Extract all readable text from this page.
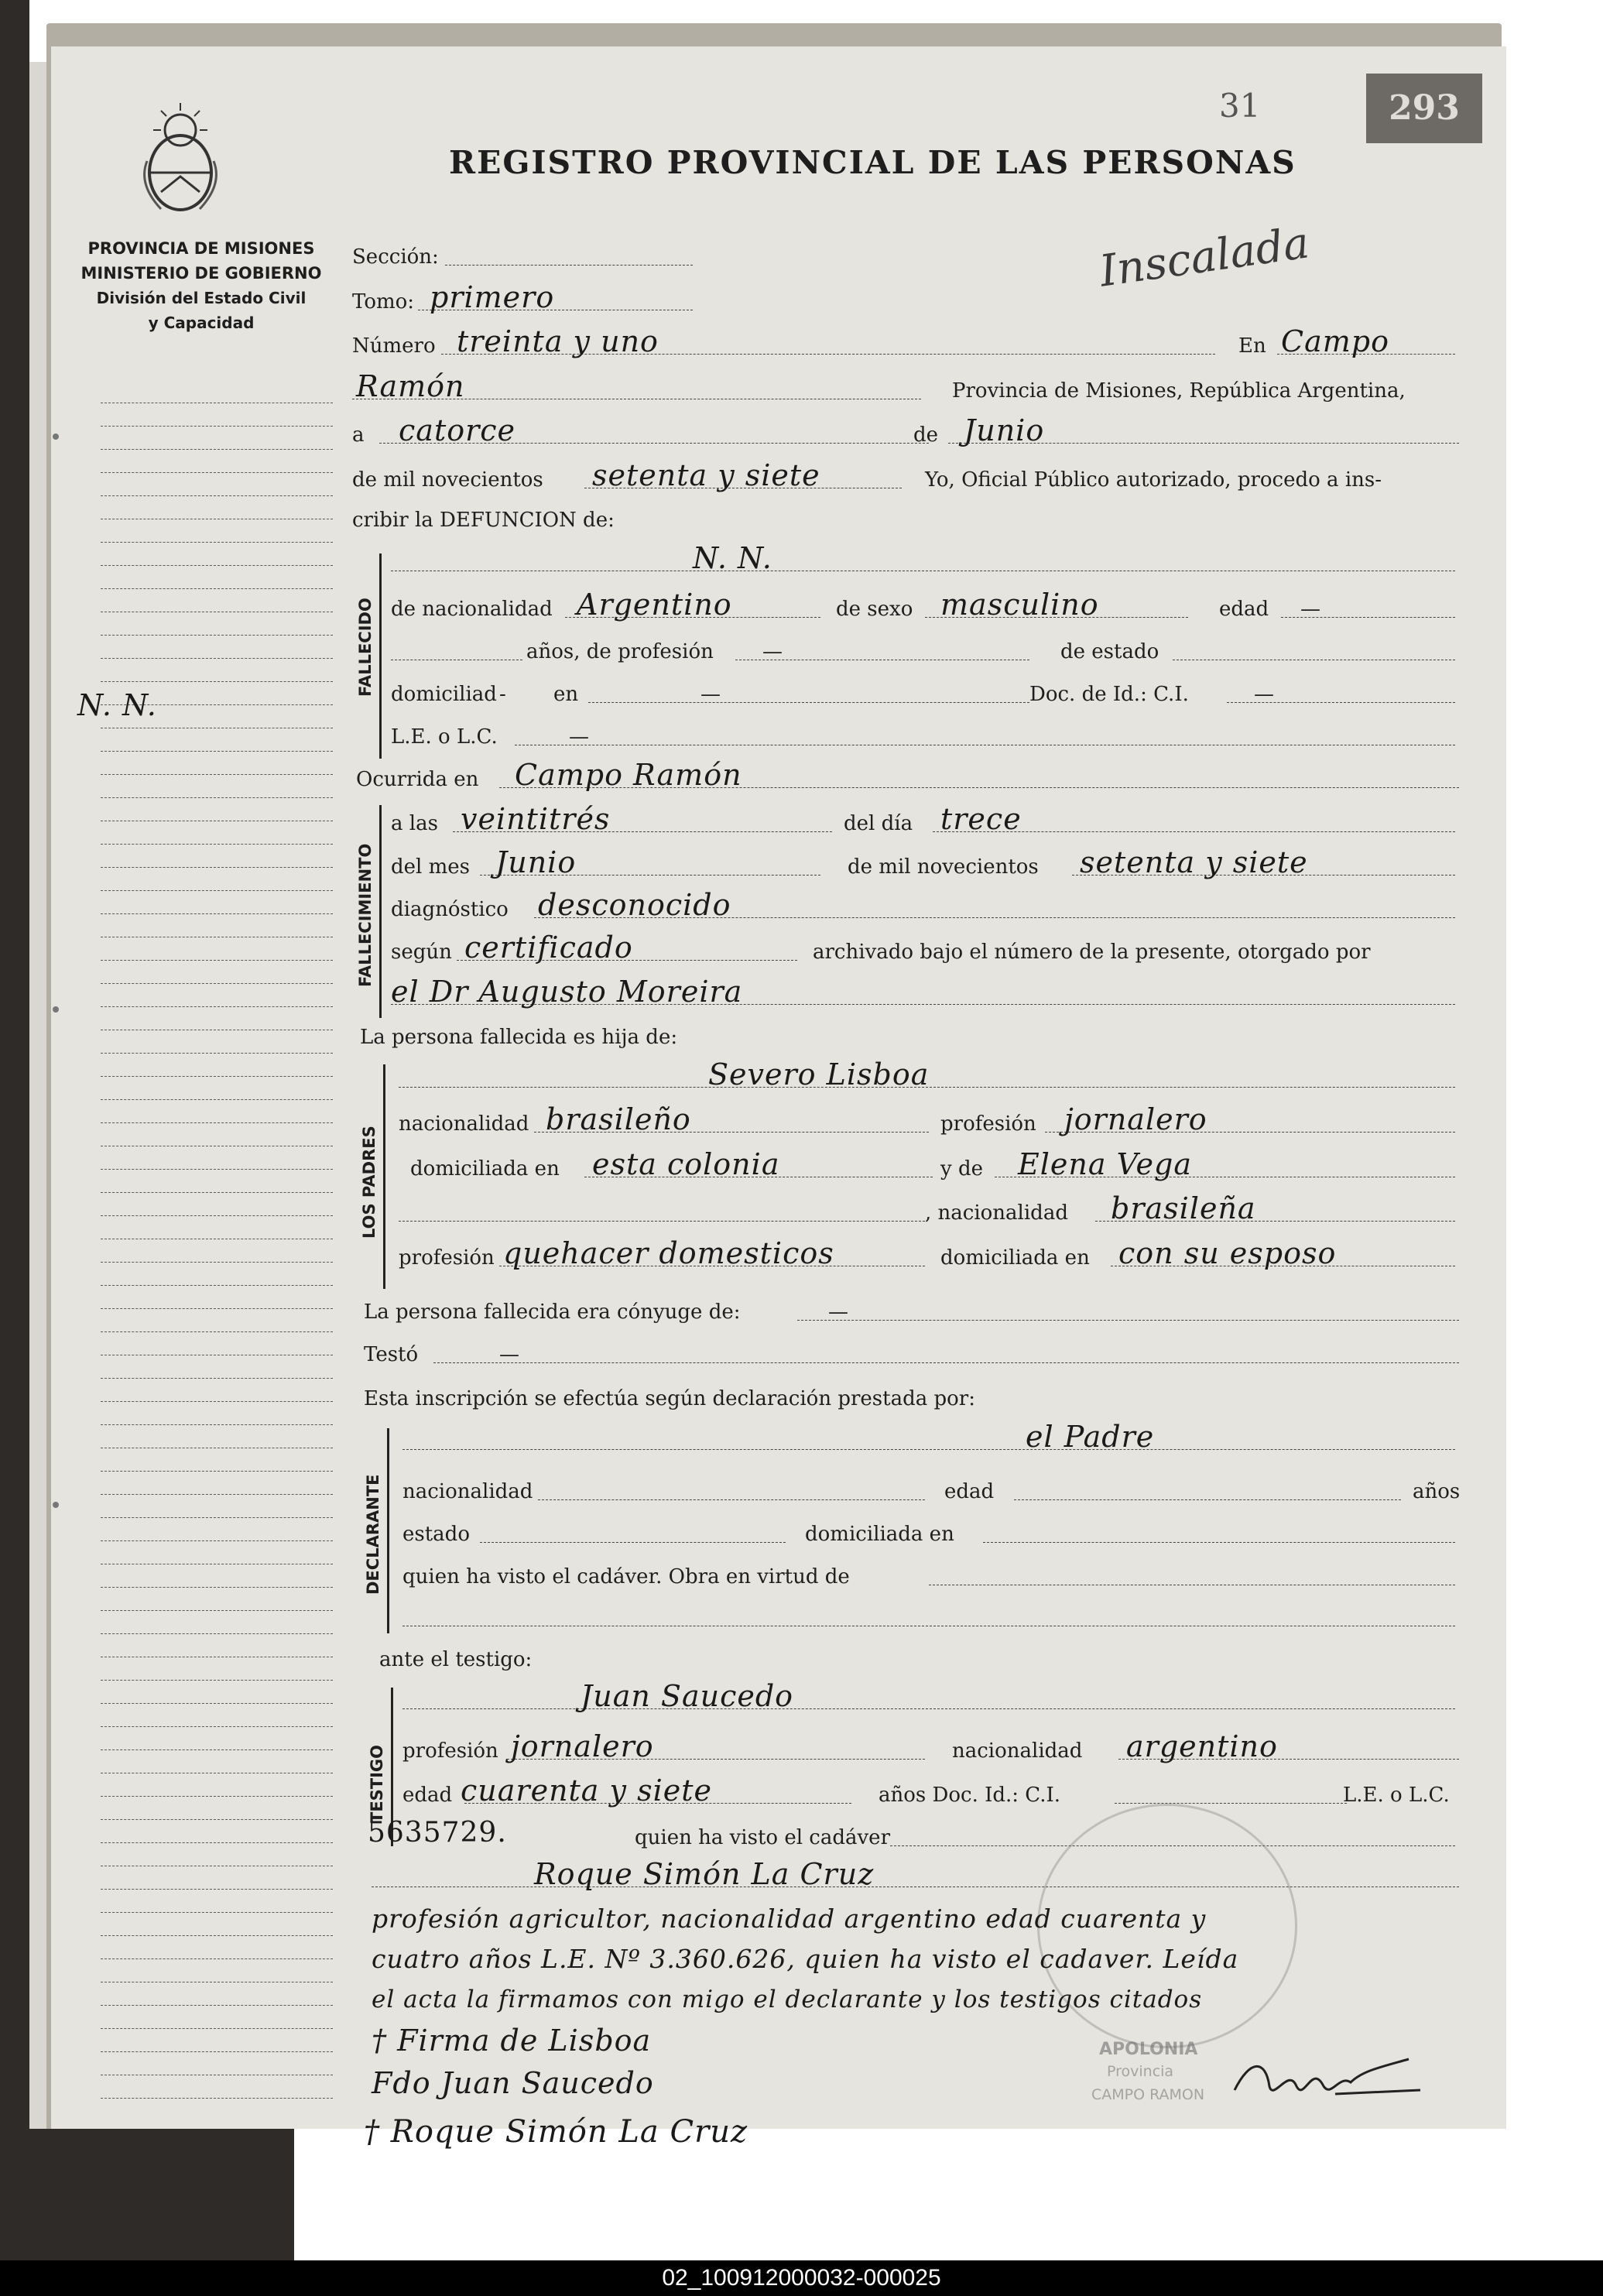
PROVINCIA DE MISIONES
MINISTERIO DE GOBIERNO
División del Estado Civil
y Capacidad
31	293
REGISTRO PROVINCIAL DE LAS PERSONAS
Inscalada
N. N.
Sección:
Tomo: primero
Número treinta y uno	En Campo
Ramón	Provincia de Misiones, República Argentina,
a catorce	de Junio
de mil novecientos setenta y siete	Yo, Oficial Público autorizado, procedo a ins-
cribir la DEFUNCION de:
FALLECIDO
N. N.
de nacionalidad Argentino	de sexo masculino	edad —
años, de profesión —	de estado
domiciliad - en	—	Doc. de Id.: C.I.	—
L.E. o L.C.	—
Ocurrida en Campo Ramón
FALLECIMIENTO
a las veintitrés	del día trece
del mes Junio	de mil novecientos setenta y siete
diagnóstico desconocido
según certificado	archivado bajo el número de la presente, otorgado por
el Dr Augusto Moreira
La persona fallecida es hija de:
LOS PADRES
Severo Lisboa
nacionalidad brasileño	profesión jornalero
domiciliada en esta colonia	y de Elena Vega
, nacionalidad brasileña
profesión quehacer domesticos	domiciliada en con su esposo
La persona fallecida era cónyuge de:	—
Testó	—
Esta inscripción se efectúa según declaración prestada por:
DECLARANTE
el Padre
nacionalidad	edad	años
estado	domiciliada en
quien ha visto el cadáver. Obra en virtud de
ante el testigo:
TESTIGO
Juan Saucedo
profesión jornalero	nacionalidad argentino
edad cuarenta y siete	años Doc. Id.: C.I.	L.E. o L.C.
5635729.	quien ha visto el cadáver
APOLONIA
Provincia
CAMPO RAMON
Roque Simón La Cruz
profesión agricultor, nacionalidad argentino edad cuarenta y
cuatro años L.E. Nº 3.360.626, quien ha visto el cadaver. Leída
el acta la firmamos con migo el declarante y los testigos citados
† Firma de Lisboa
Fdo Juan Saucedo
† Roque Simón La Cruz
02_100912000032-000025
